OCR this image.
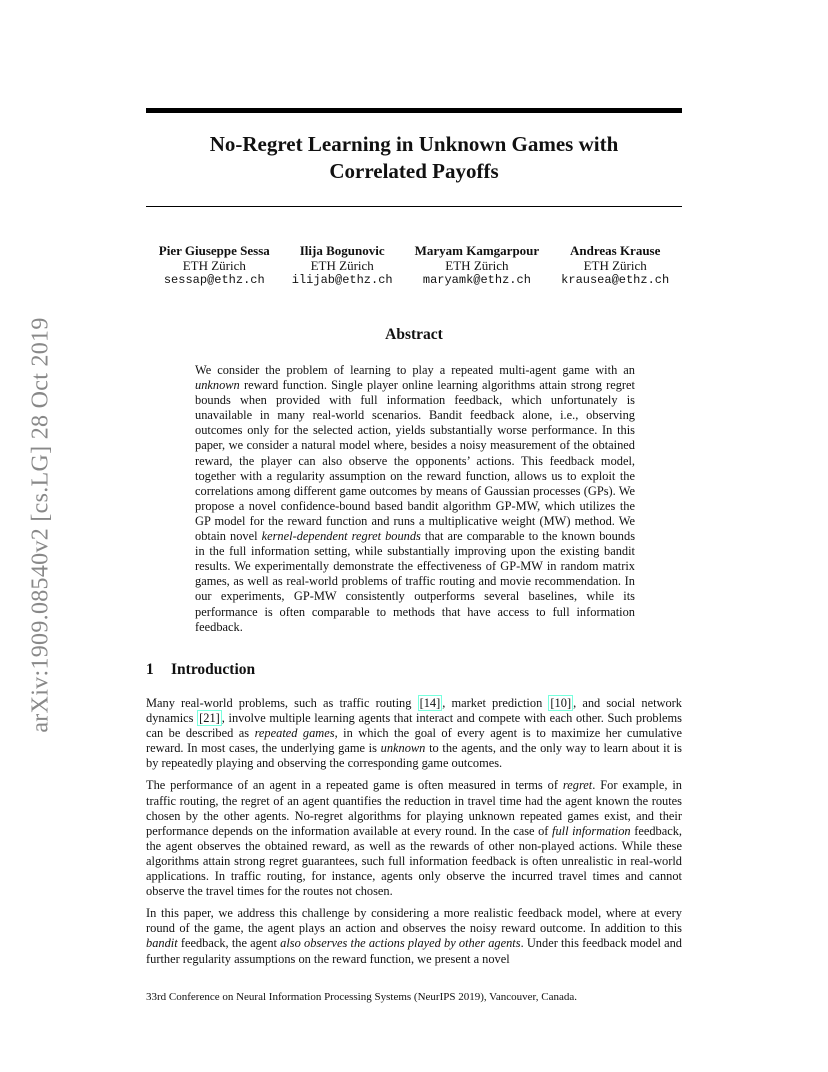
arXiv:1909.08540v2 [cs.LG] 28 Oct 2019
No-Regret Learning in Unknown Games with
Correlated Payoffs
Pier Giuseppe Sessa
ETH Zürich
sessap@ethz.ch
Ilija Bogunovic
ETH Zürich
ilijab@ethz.ch
Maryam Kamgarpour
ETH Zürich
maryamk@ethz.ch
Andreas Krause
ETH Zürich
krausea@ethz.ch
Abstract
We consider the problem of learning to play a repeated multi-agent game with an unknown reward function. Single player online learning algorithms attain strong regret bounds when provided with full information feedback, which unfortunately is unavailable in many real-world scenarios. Bandit feedback alone, i.e., observing outcomes only for the selected action, yields substantially worse performance. In this paper, we consider a natural model where, besides a noisy measurement of the obtained reward, the player can also observe the opponents’ actions. This feedback model, together with a regularity assumption on the reward function, allows us to exploit the correlations among different game outcomes by means of Gaussian processes (GPs). We propose a novel confidence-bound based bandit algorithm GP-MW, which utilizes the GP model for the reward function and runs a multiplicative weight (MW) method. We obtain novel kernel-dependent regret bounds that are comparable to the known bounds in the full information setting, while substantially improving upon the existing bandit results. We experimentally demonstrate the effectiveness of GP-MW in random matrix games, as well as real-world problems of traffic routing and movie recommendation. In our experiments, GP-MW consistently outperforms several baselines, while its performance is often comparable to methods that have access to full information feedback.
1 Introduction

Many real-world problems, such as traffic routing [14] , market prediction [10] , and social network dynamics [21] , involve multiple learning agents that interact and compete with each other. Such problems can be described as repeated games, in which the goal of every agent is to maximize her cumulative reward. In most cases, the underlying game is unknown to the agents, and the only way to learn about it is by repeatedly playing and observing the corresponding game outcomes.

The performance of an agent in a repeated game is often measured in terms of regret. For example, in traffic routing, the regret of an agent quantifies the reduction in travel time had the agent known the routes chosen by the other agents. No-regret algorithms for playing unknown repeated games exist, and their performance depends on the information available at every round. In the case of full information feedback, the agent observes the obtained reward, as well as the rewards of other non-played actions. While these algorithms attain strong regret guarantees, such full information feedback is often unrealistic in real-world applications. In traffic routing, for instance, agents only observe the incurred travel times and cannot observe the travel times for the routes not chosen.

In this paper, we address this challenge by considering a more realistic feedback model, where at every round of the game, the agent plays an action and observes the noisy reward outcome. In addition to this bandit feedback, the agent also observes the actions played by other agents. Under this feedback model and further regularity assumptions on the reward function, we present a novel

33rd Conference on Neural Information Processing Systems (NeurIPS 2019), Vancouver, Canada.
